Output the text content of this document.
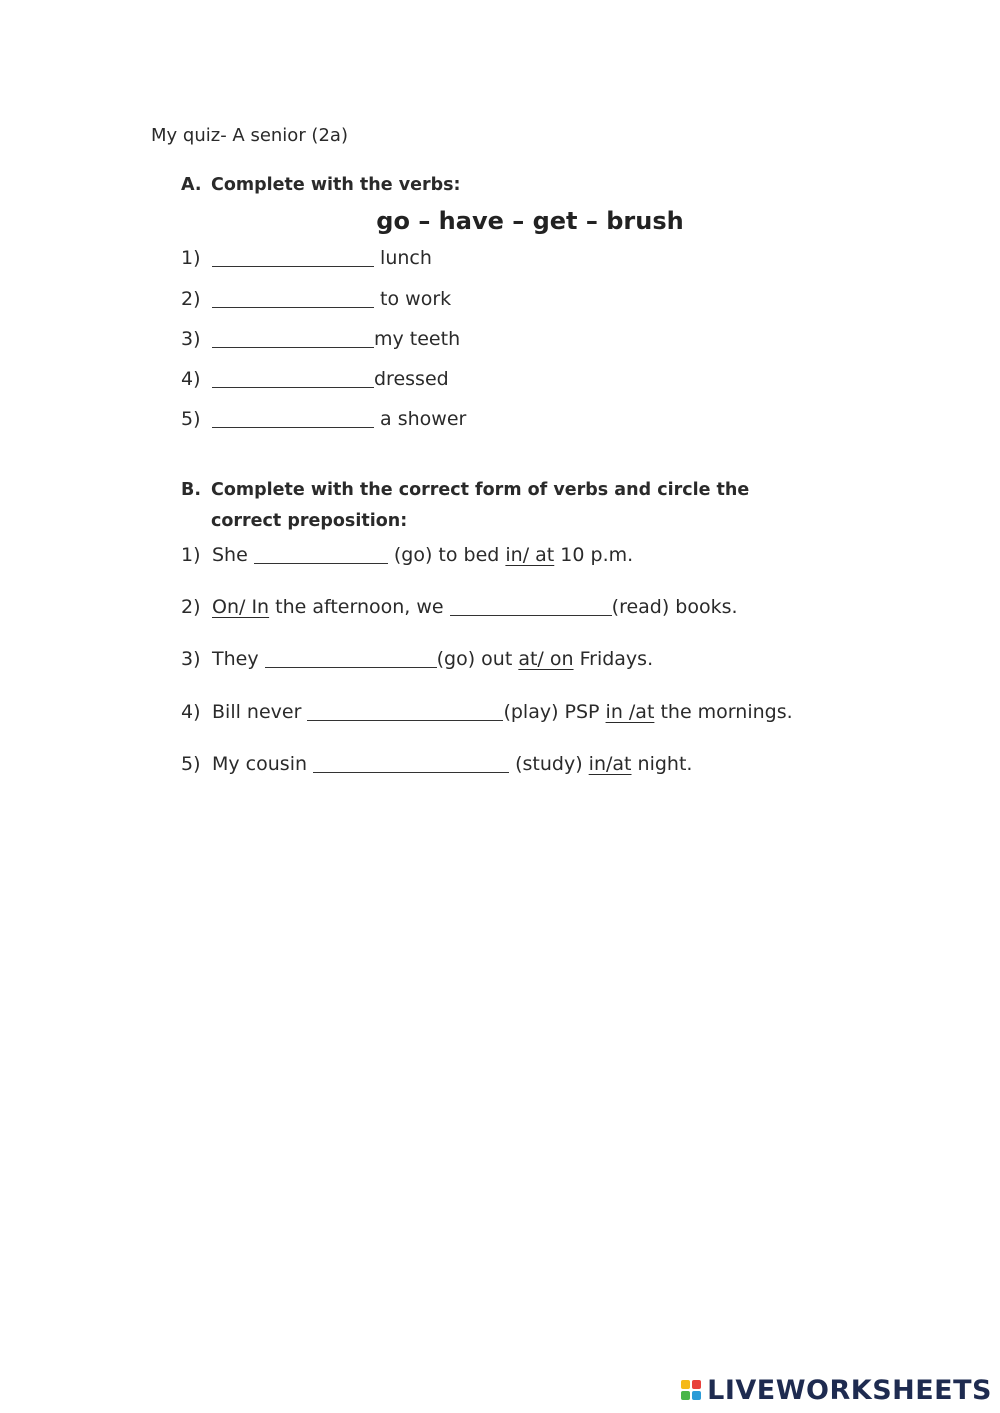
My quiz- A senior (2a)
A. Complete with the verbs:
go – have – get – brush
1)	lunch
2)	to work
3)	my teeth
4)	dressed
5)	a shower
B. Complete with the correct form of verbs and circle the correct preposition:
1) She	(go) to bed in/ at 10 p.m.
2) On/ In the afternoon, we	(read) books.
3) They	(go) out at/ on Fridays.
4) Bill never	(play) PSP in /at the mornings.
5) My cousin	(study) in/at night.
LIVEWORKSHEETS
